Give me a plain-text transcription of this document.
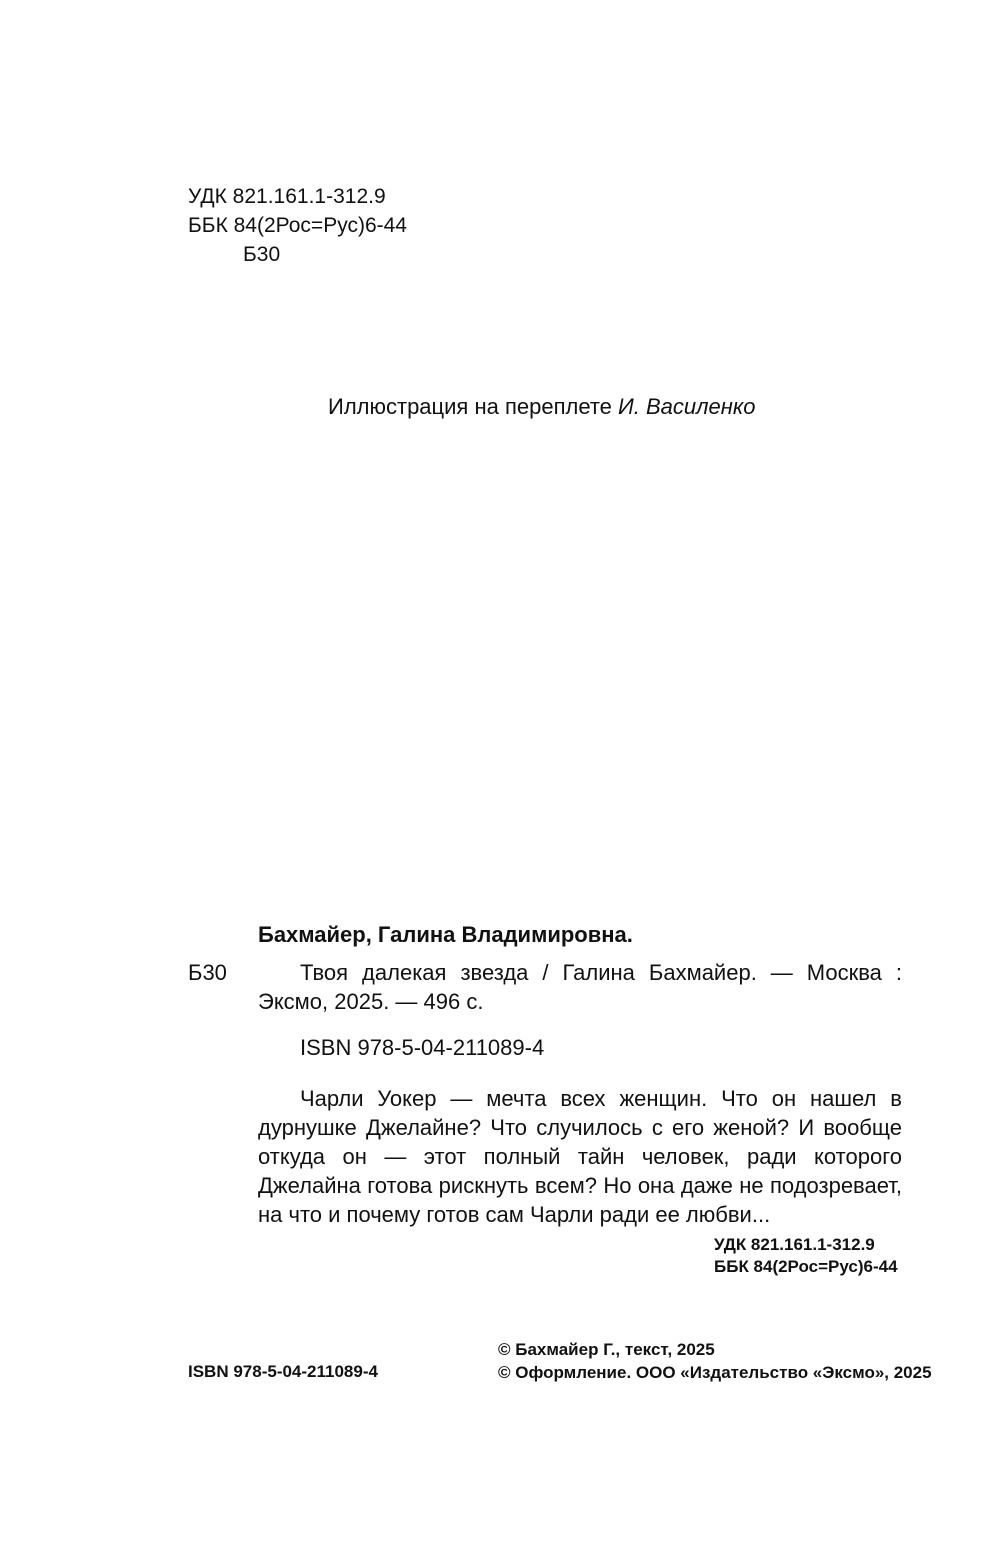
УДК 821.161.1-312.9
ББК 84(2Рос=Рус)6-44
Б30
Иллюстрация на переплете И. Василенко
Бахмайер, Галина Владимировна.
Б30	Твоя далекая звезда / Галина Бахмайер. — Москва : Эксмо, 2025. — 496 с.

ISBN 978-5-04-211089-4

Чарли Уокер — мечта всех женщин. Что он нашел в дурнушке Джелайне? Что случилось с его женой? И вообще откуда он — этот полный тайн человек, ради которого Джелайна готова рискнуть всем? Но она даже не подозревает, на что и почему готов сам Чарли ради ее любви...

УДК 821.161.1-312.9
ББК 84(2Рос=Рус)6-44
ISBN 978-5-04-211089-4
© Бахмайер Г., текст, 2025
© Оформление. ООО «Издательство «Эксмо», 2025
